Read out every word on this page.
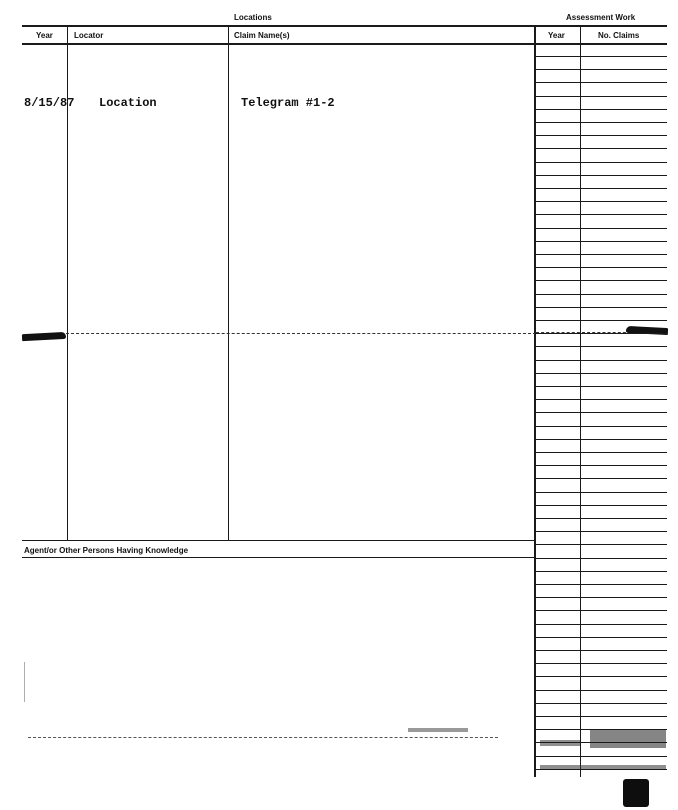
Locations	Assessment Work
Year	Locator	Claim Name(s)	Year	No. Claims
8/15/87 Location	Telegram #1-2
Agent/or Other Persons Having Knowledge
